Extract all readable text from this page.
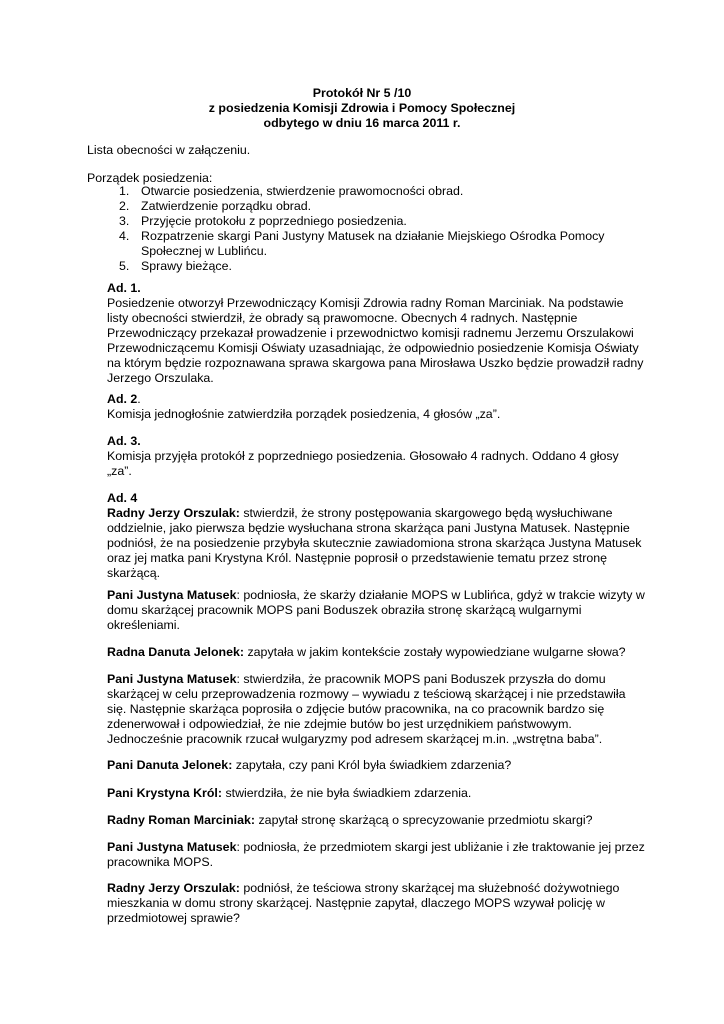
Protokół Nr 5 /10
z posiedzenia Komisji Zdrowia i Pomocy Społecznej
odbytego w dniu 16 marca 2011 r.
Lista obecności w załączeniu.
Porządek posiedzenia:
1. Otwarcie posiedzenia, stwierdzenie prawomocności obrad.
2. Zatwierdzenie porządku obrad.
3. Przyjęcie protokołu z poprzedniego posiedzenia.
4. Rozpatrzenie skargi Pani Justyny Matusek na działanie Miejskiego Ośrodka Pomocy
Społecznej w Lublińcu.
5. Sprawy bieżące.
Ad. 1.
Posiedzenie otworzył Przewodniczący Komisji Zdrowia radny Roman Marciniak. Na podstawie
listy obecności stwierdził, że obrady są prawomocne. Obecnych 4 radnych. Następnie
Przewodniczący przekazał prowadzenie i przewodnictwo komisji radnemu Jerzemu Orszulakowi
Przewodniczącemu Komisji Oświaty uzasadniając, że odpowiednio posiedzenie Komisja Oświaty
na którym będzie rozpoznawana sprawa skargowa pana Mirosława Uszko będzie prowadził radny
Jerzego Orszulaka.
Ad. 2.
Komisja jednogłośnie zatwierdziła porządek posiedzenia, 4 głosów „za”.
Ad. 3.
Komisja przyjęła protokół z poprzedniego posiedzenia. Głosowało 4 radnych. Oddano 4 głosy
„za”.
Ad. 4
Radny Jerzy Orszulak: stwierdził, że strony postępowania skargowego będą wysłuchiwane
oddzielnie, jako pierwsza będzie wysłuchana strona skarżąca pani Justyna Matusek. Następnie
podniósł, że na posiedzenie przybyła skutecznie zawiadomiona strona skarżąca Justyna Matusek
oraz jej matka pani Krystyna Król. Następnie poprosił o przedstawienie tematu przez stronę
skarżącą.
Pani Justyna Matusek: podniosła, że skarży działanie MOPS w Lublińca, gdyż w trakcie wizyty w
domu skarżącej pracownik MOPS pani Boduszek obraziła stronę skarżącą wulgarnymi
określeniami.
Radna Danuta Jelonek: zapytała w jakim kontekście zostały wypowiedziane wulgarne słowa?
Pani Justyna Matusek: stwierdziła, że pracownik MOPS pani Boduszek przyszła do domu
skarżącej w celu przeprowadzenia rozmowy – wywiadu z teściową skarżącej i nie przedstawiła
się. Następnie skarżąca poprosiła o zdjęcie butów pracownika, na co pracownik bardzo się
zdenerwował i odpowiedział, że nie zdejmie butów bo jest urzędnikiem państwowym.
Jednocześnie pracownik rzucał wulgaryzmy pod adresem skarżącej m.in. „wstrętna baba”.
Pani Danuta Jelonek: zapytała, czy pani Król była świadkiem zdarzenia?
Pani Krystyna Król: stwierdziła, że nie była świadkiem zdarzenia.
Radny Roman Marciniak: zapytał stronę skarżącą o sprecyzowanie przedmiotu skargi?
Pani Justyna Matusek: podniosła, że przedmiotem skargi jest ubliżanie i złe traktowanie jej przez
pracownika MOPS.
Radny Jerzy Orszulak: podniósł, że teściowa strony skarżącej ma służebność dożywotniego
mieszkania w domu strony skarżącej. Następnie zapytał, dlaczego MOPS wzywał policję w
przedmiotowej sprawie?
